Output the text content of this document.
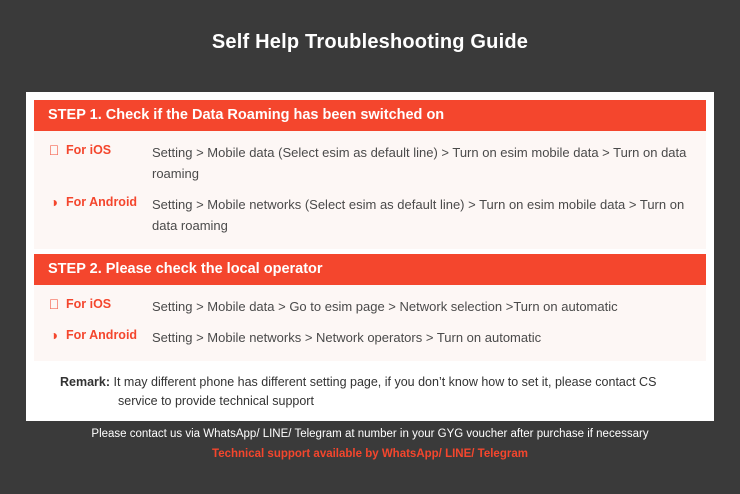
Self Help Troubleshooting Guide
STEP 1. Check if the Data Roaming has been switched on
For iOS	Setting > Mobile data (Select esim as default line) > Turn on esim mobile data > Turn on data roaming
◑ For Android Setting > Mobile networks (Select esim as default line) > Turn on esim mobile data > Turn on data roaming
STEP 2. Please check the local operator
For iOS	Setting > Mobile data > Go to esim page > Network selection >Turn on automatic
◑ For Android Setting > Mobile networks > Network operators > Turn on automatic
Remark: It may different phone has different setting page, if you don’t know how to set it, please contact CS
service to provide technical support
Please contact us via WhatsApp/ LINE/ Telegram at number in your GYG voucher after purchase if necessary
Technical support available by WhatsApp/ LINE/ Telegram
